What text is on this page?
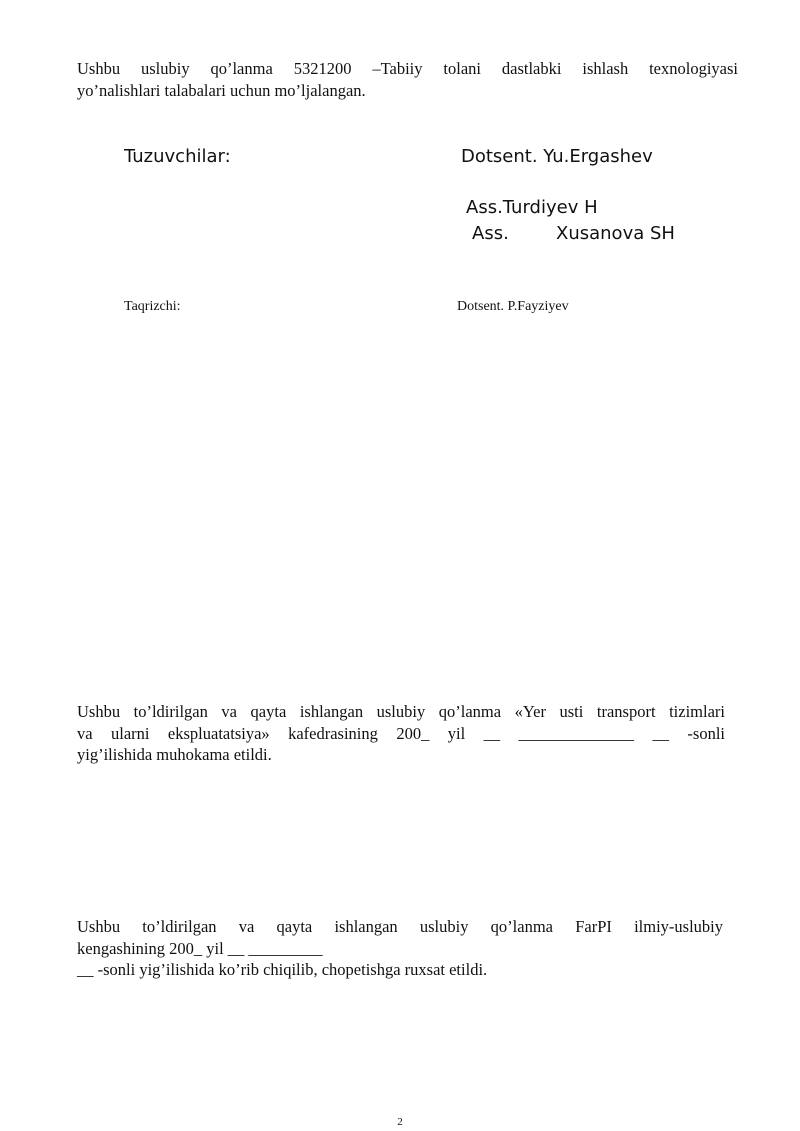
Ushbu uslubiy qo’lanma 5321200 –Tabiiy tolani dastlabki ishlash texnologiyasi
yo’nalishlari talabalari uchun mo’ljalangan.
Tuzuvchilar:	Dotsent. Yu.Ergashev
Ass.Turdiyev H
Ass.	Xusanova SH
Taqrizchi:	Dotsent. P.Fayziyev
Ushbu to’ldirilgan va qayta ishlangan uslubiy qo’lanma «Yer usti transport tizimlari
va ularni ekspluatatsiya» kafedrasining 200_ yil __ ______________ __ -sonli
yig’ilishida muhokama etildi.
Ushbu to’ldirilgan va qayta ishlangan uslubiy qo’lanma FarPI ilmiy-uslubiy
kengashining 200_ yil __ _________
__ -sonli yig’ilishida ko’rib chiqilib, chopetishga ruxsat etildi.
2
